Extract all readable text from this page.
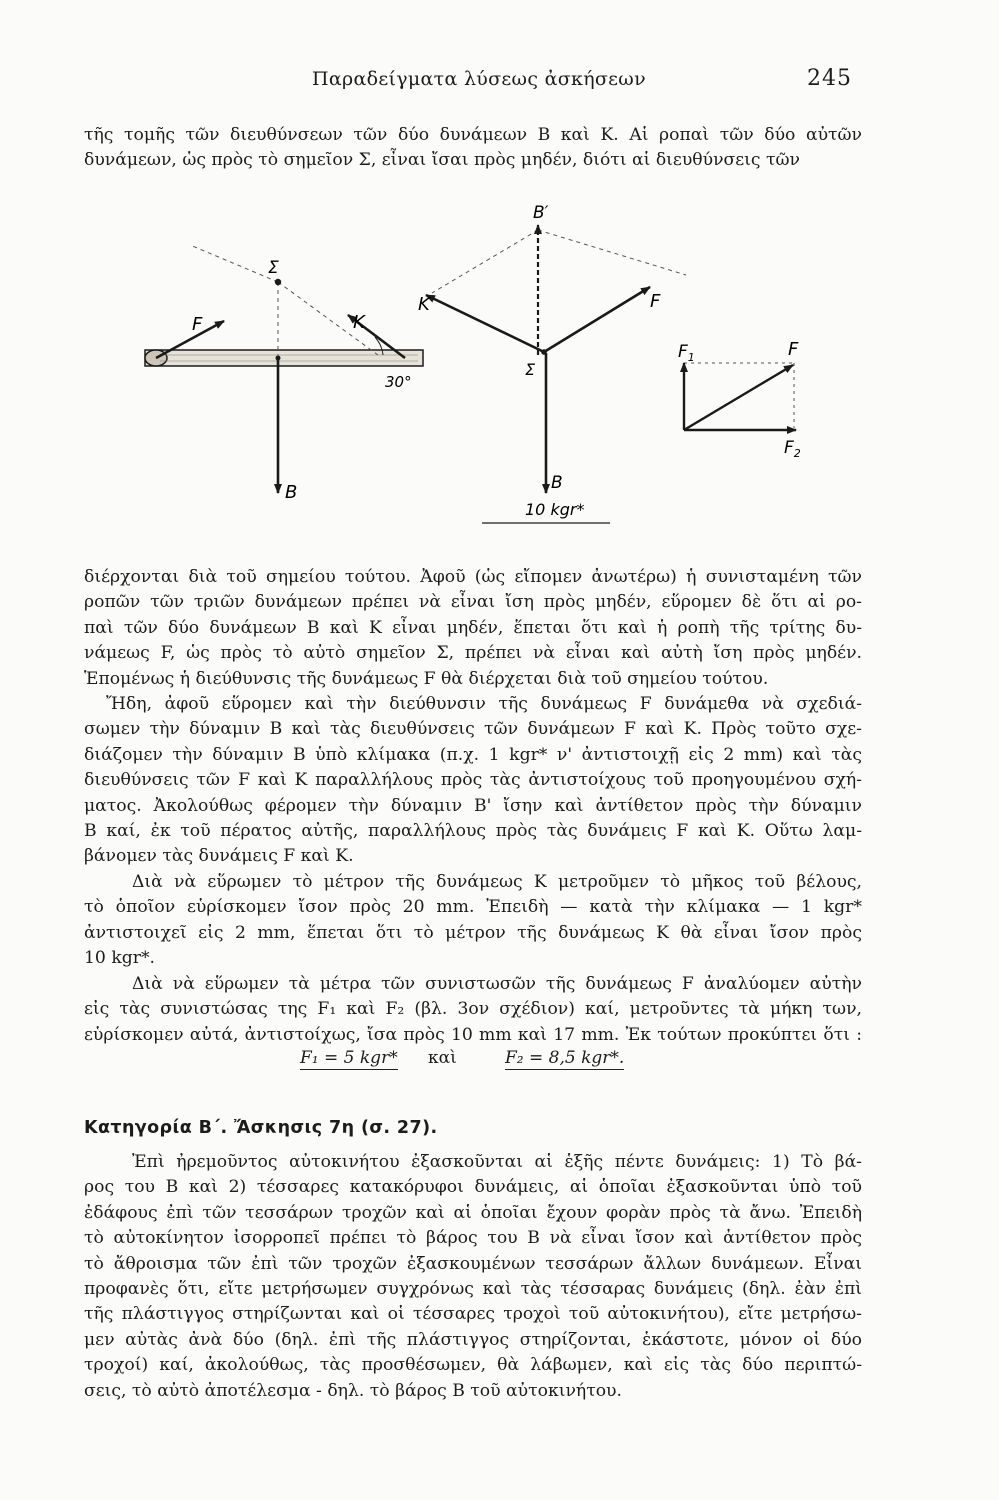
Παραδείγματα λύσεως ἀσκήσεων	245
τῆς τομῆς τῶν διευθύνσεων τῶν δύο δυνάμεων B καὶ K. Αἱ ροπαὶ τῶν δύο αὐτῶν
δυνάμεων, ὡς πρὸς τὸ σημεῖον Σ, εἶναι ἴσαι πρὸς μηδέν, διότι αἱ διευθύνσεις τῶν
Σ
F	K
30°
B
B′
K	F
Σ
B
10 kgr*
$F_1$	F
$F_2$
διέρχονται διὰ τοῦ σημείου τούτου. Ἀφοῦ (ὡς εἴπομεν ἀνωτέρω) ἡ συνισταμένη τῶν
ροπῶν τῶν τριῶν δυνάμεων πρέπει νὰ εἶναι ἴση πρὸς μηδέν, εὕρομεν δὲ ὅτι αἱ ρο-
παὶ τῶν δύο δυνάμεων B καὶ K εἶναι μηδέν, ἕπεται ὅτι καὶ ἡ ροπὴ τῆς τρίτης δυ-
νάμεως F, ὡς πρὸς τὸ αὐτὸ σημεῖον Σ, πρέπει νὰ εἶναι καὶ αὐτὴ ἴση πρὸς μηδέν.
Ἑπομένως ἡ διεύθυνσις τῆς δυνάμεως F θὰ διέρχεται διὰ τοῦ σημείου τούτου.
Ἤδη, ἀφοῦ εὕρομεν καὶ τὴν διεύθυνσιν τῆς δυνάμεως F δυνάμεθα νὰ σχεδιά-
σωμεν τὴν δύναμιν B καὶ τὰς διευθύνσεις τῶν δυνάμεων F καὶ K. Πρὸς τοῦτο σχε-
διάζομεν τὴν δύναμιν B ὑπὸ κλίμακα (π.χ. 1 kgr* ν' ἀντιστοιχῇ εἰς 2 mm) καὶ τὰς
διευθύνσεις τῶν F καὶ K παραλλήλους πρὸς τὰς ἀντιστοίχους τοῦ προηγουμένου σχή-
ματος. Ἀκολούθως φέρομεν τὴν δύναμιν B' ἴσην καὶ ἀντίθετον πρὸς τὴν δύναμιν
B καί, ἐκ τοῦ πέρατος αὐτῆς, παραλλήλους πρὸς τὰς δυνάμεις F καὶ K. Οὕτω λαμ-
βάνομεν τὰς δυνάμεις F καὶ K.
Διὰ νὰ εὕρωμεν τὸ μέτρον τῆς δυνάμεως K μετροῦμεν τὸ μῆκος τοῦ βέλους,
τὸ ὁποῖον εὑρίσκομεν ἴσον πρὸς 20 mm. Ἐπειδὴ — κατὰ τὴν κλίμακα — 1 kgr*
ἀντιστοιχεῖ εἰς 2 mm, ἕπεται ὅτι τὸ μέτρον τῆς δυνάμεως K θὰ εἶναι ἴσον πρὸς
10 kgr*.
Διὰ νὰ εὕρωμεν τὰ μέτρα τῶν συνιστωσῶν τῆς δυνάμεως F ἀναλύομεν αὐτὴν
εἰς τὰς συνιστώσας της F₁ καὶ F₂ (βλ. 3ον σχέδιον) καί, μετροῦντες τὰ μήκη των,
εὑρίσκομεν αὐτά, ἀντιστοίχως, ἴσα πρὸς 10 mm καὶ 17 mm. Ἐκ τούτων προκύπτει ὅτι :
F₁ = 5 kgr* καὶ	F₂ = 8,5 kgr*.
Κατηγορία Β΄. Ἄσκησις 7η (σ. 27).
Ἐπὶ ἠρεμοῦντος αὐτοκινήτου ἐξασκοῦνται αἱ ἑξῆς πέντε δυνάμεις: 1) Τὸ βά-
ρος του B καὶ 2) τέσσαρες κατακόρυφοι δυνάμεις, αἱ ὁποῖαι ἐξασκοῦνται ὑπὸ τοῦ
ἐδάφους ἐπὶ τῶν τεσσάρων τροχῶν καὶ αἱ ὁποῖαι ἔχουν φορὰν πρὸς τὰ ἄνω. Ἐπειδὴ
τὸ αὐτοκίνητον ἰσορροπεῖ πρέπει τὸ βάρος του B νὰ εἶναι ἴσον καὶ ἀντίθετον πρὸς
τὸ ἄθροισμα τῶν ἐπὶ τῶν τροχῶν ἐξασκουμένων τεσσάρων ἄλλων δυνάμεων. Εἶναι
προφανὲς ὅτι, εἴτε μετρήσωμεν συγχρόνως καὶ τὰς τέσσαρας δυνάμεις (δηλ. ἐὰν ἐπὶ
τῆς πλάστιγγος στηρίζωνται καὶ οἱ τέσσαρες τροχοὶ τοῦ αὐτοκινήτου), εἴτε μετρήσω-
μεν αὐτὰς ἀνὰ δύο (δηλ. ἐπὶ τῆς πλάστιγγος στηρίζονται, ἑκάστοτε, μόνον οἱ δύο
τροχοί) καί, ἀκολούθως, τὰς προσθέσωμεν, θὰ λάβωμεν, καὶ εἰς τὰς δύο περιπτώ-
σεις, τὸ αὐτὸ ἀποτέλεσμα - δηλ. τὸ βάρος B τοῦ αὐτοκινήτου.
